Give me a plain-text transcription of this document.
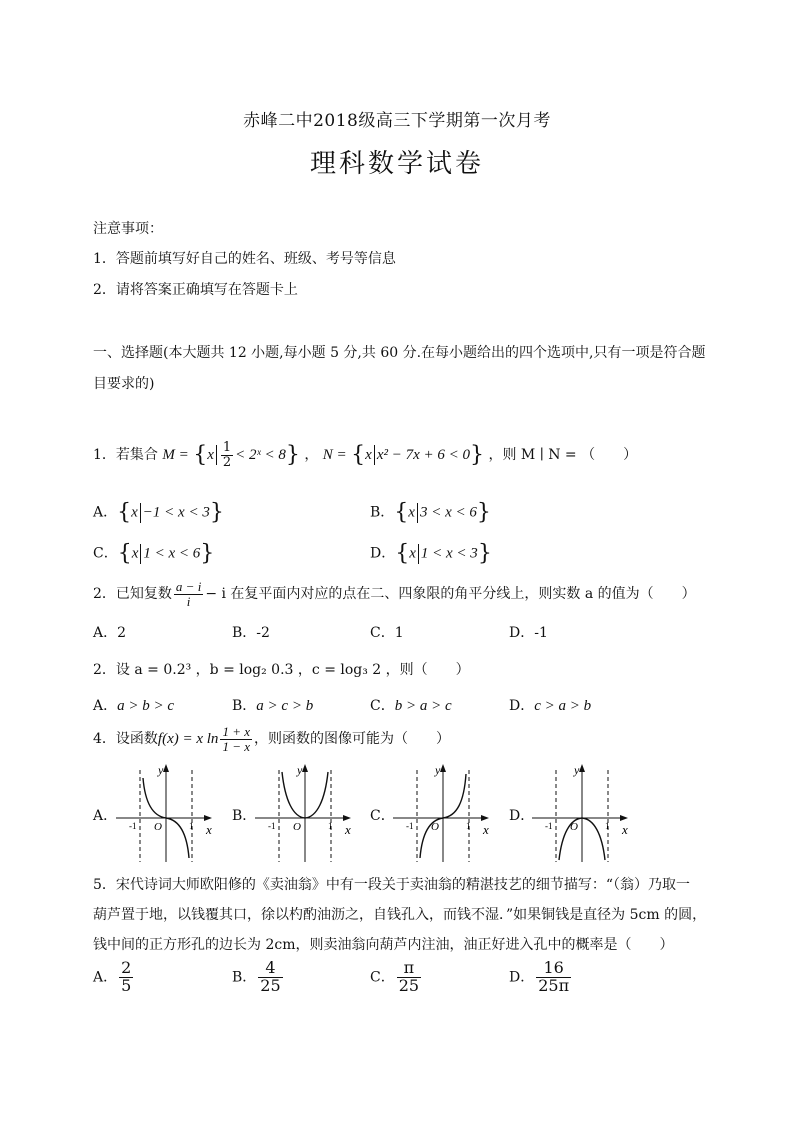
赤峰二中2018级高三下学期第一次月考
理科数学试卷
注意事项：
1．答题前填写好自己的姓名、班级、考号等信息
2．请将答案正确填写在答题卡上
一、选择题(本大题共 12 小题,每小题 5 分,共 60 分.在每小题给出的四个选项中,只有一项是符合题
目要求的)
1．若集合 $M = \{x \frac{1}{2}$ < 2ˣ < 8} ， N = {x x² − 7x + 6 < 0} ，则 M ∣ N = （　　）
A．{x −1 < x < 3}	B．{x 3 < x < 6}
C．{x 1 < x < 6}	D．{x 1 < x < 3}
2．已知复数 $\frac{a - i}{i} - i$ 在复平面内对应的点在二、四象限的角平分线上，则实数 a 的值为（　　）
A．2	B．-2	C．1	D．-1
2．设 a = 0.2³ ，b = log₂ 0.3 ，c = log₃ 2 ，则（　　）
A．a > b > c	B．a > c > b	C．b > a > c	D．c > a > b
4．设函数f(x) = x $\ln \frac{1 + x}{1 - x}$ ，则函数的图像可能为（　　）
A．	B．	C．	D．
y
x
O
-1	1
y
x
O
-1	1
y
x
O
-1	1
y
x
O
-1	1
5．宋代诗词大师欧阳修的《卖油翁》中有一段关于卖油翁的精湛技艺的细节描写：“（翁）乃取一
葫芦置于地，以钱覆其口，徐以杓酌油沥之，自钱孔入，而钱不湿．”如果铜钱是直径为 5cm 的圆，
钱中间的正方形孔的边长为 2cm，则卖油翁向葫芦内注油，油正好进入孔中的概率是（　　）
A． $\frac{2}{5}$	B． $\frac{4}{25}$	C． $\frac{\pi}{25}$	D． $\frac{16}{25\pi}$
